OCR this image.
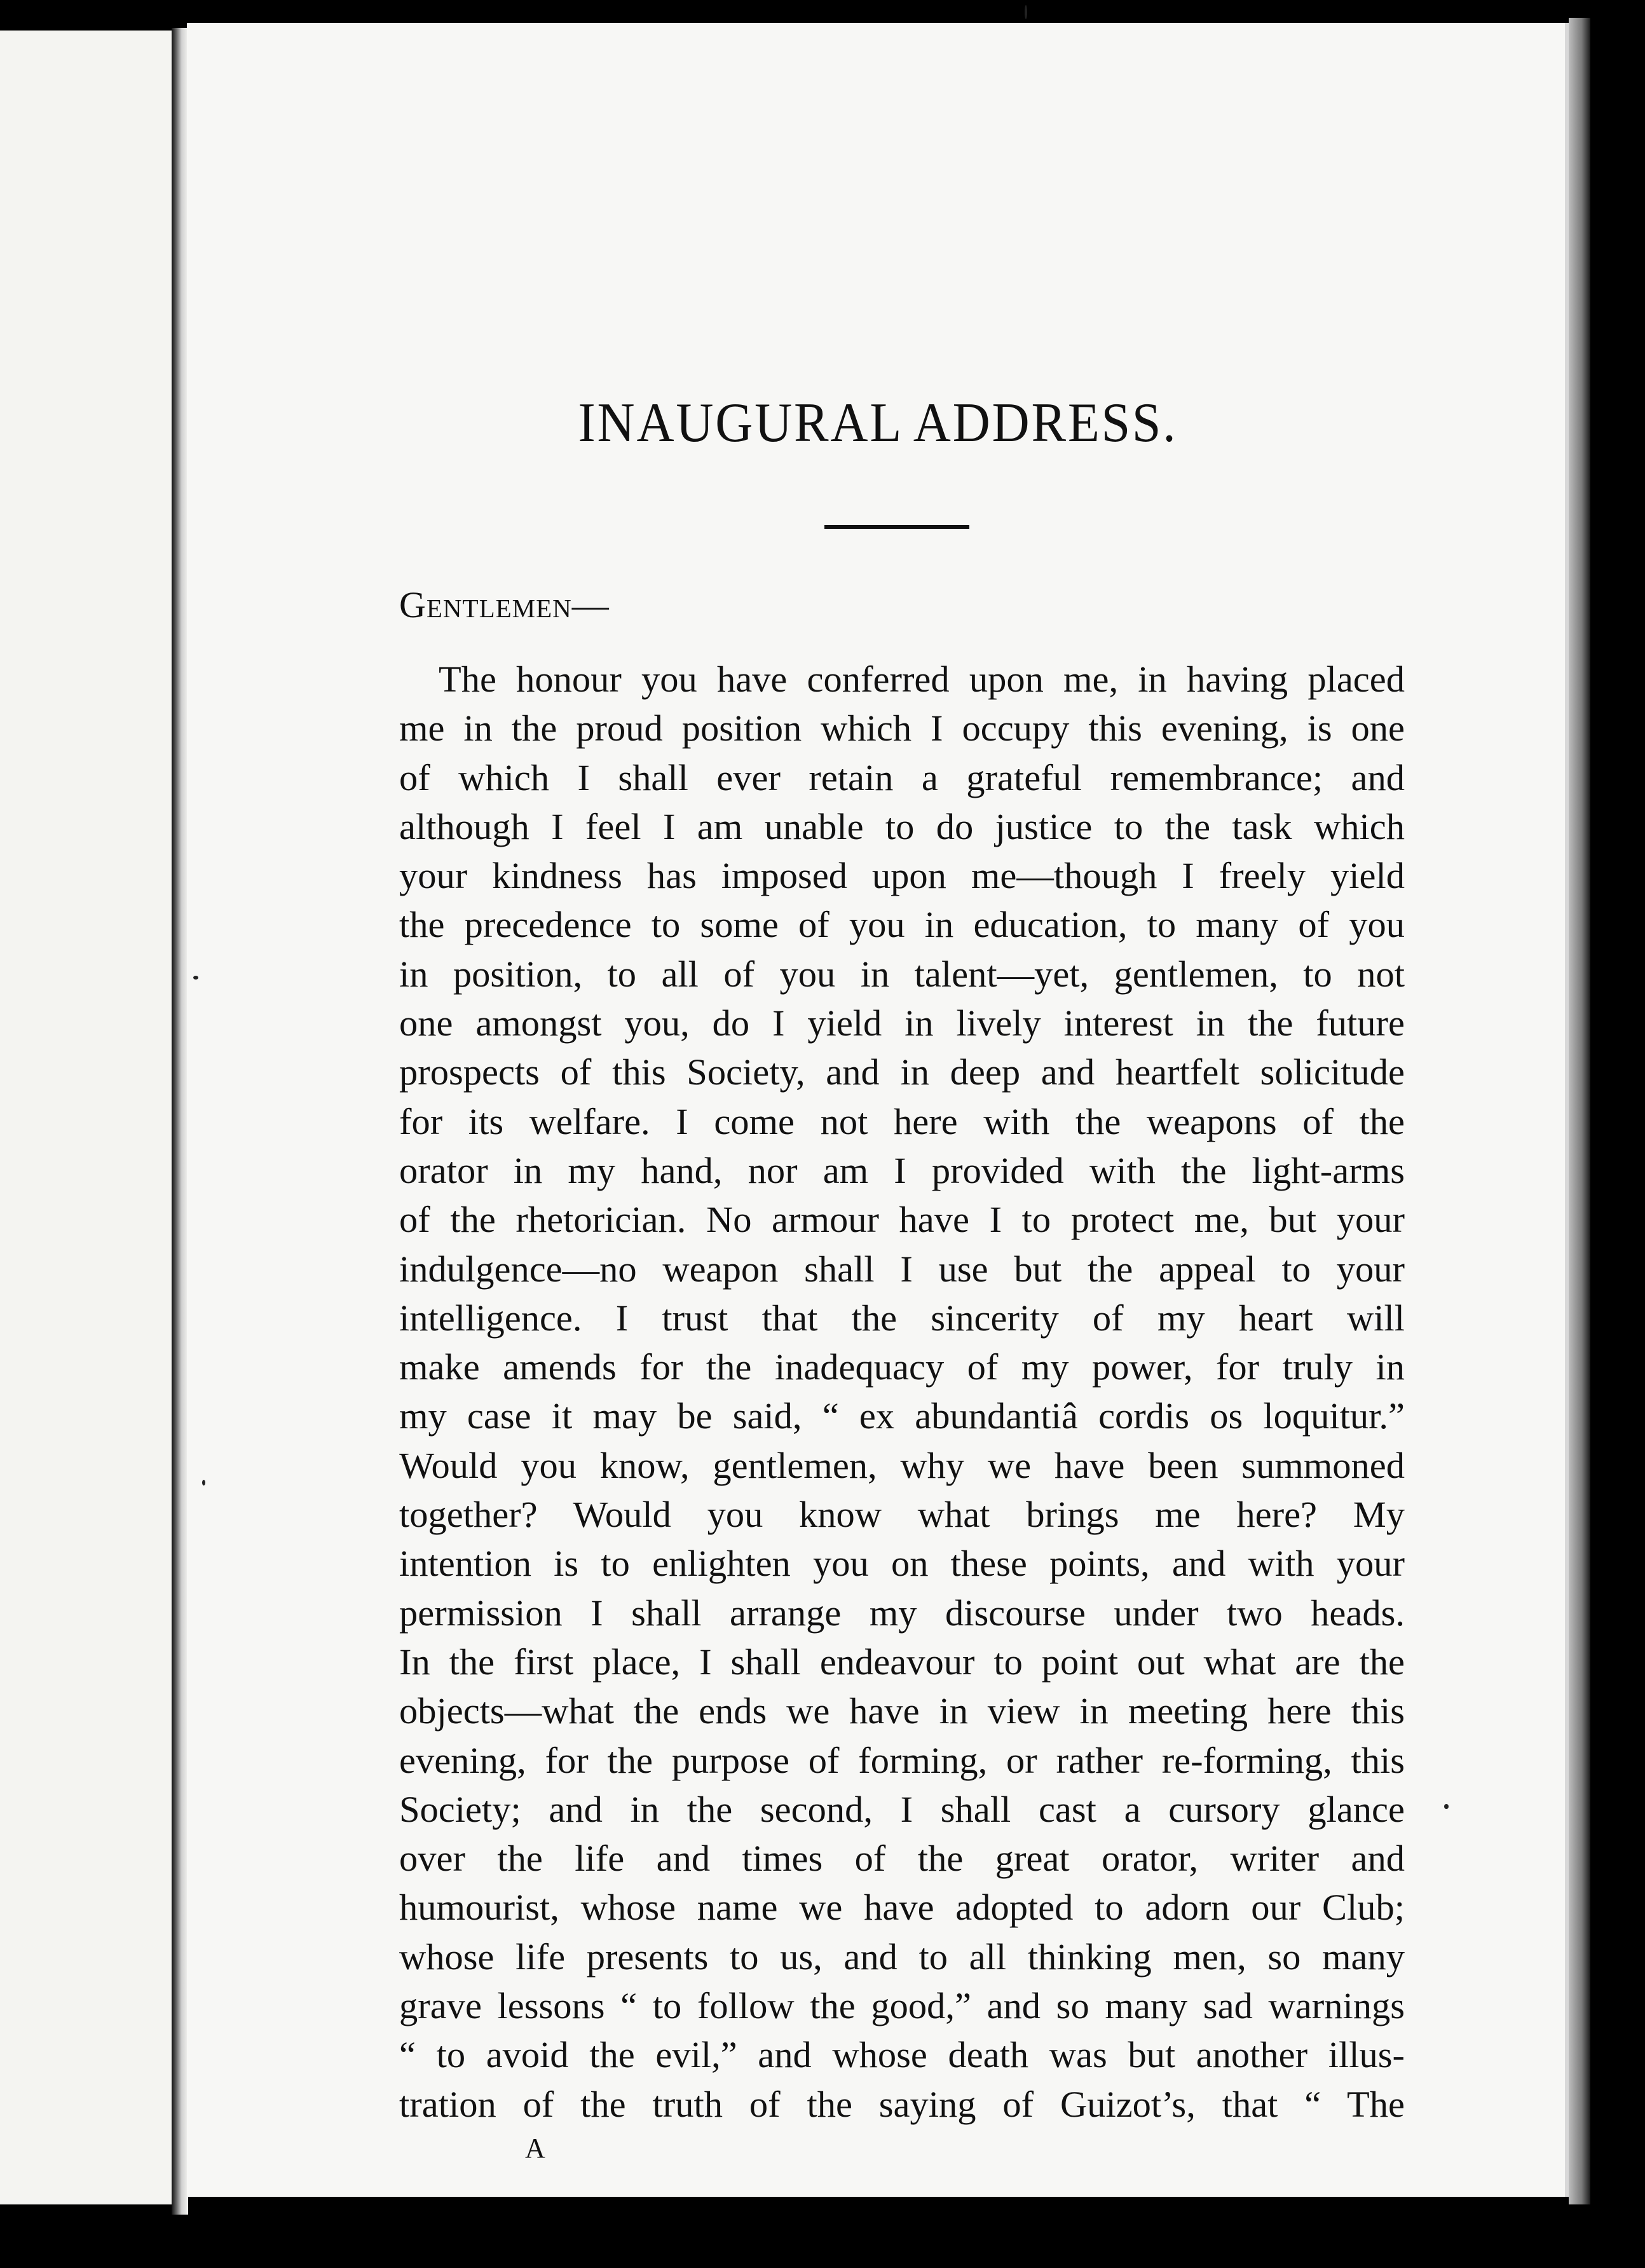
INAUGURAL ADDRESS.
Gentlemen—
The honour you have conferred upon me, in having placed
me in the proud position which I occupy this evening, is one
of which I shall ever retain a grateful remembrance; and
although I feel I am unable to do justice to the task which
your kindness has imposed upon me—though I freely yield
the precedence to some of you in education, to many of you
in position, to all of you in talent—yet, gentlemen, to not
one amongst you, do I yield in lively interest in the future
prospects of this Society, and in deep and heartfelt solicitude
for its welfare. I come not here with the weapons of the
orator in my hand, nor am I provided with the light-arms
of the rhetorician. No armour have I to protect me, but your
indulgence—no weapon shall I use but the appeal to your
intelligence. I trust that the sincerity of my heart will
make amends for the inadequacy of my power, for truly in
my case it may be said, “ ex abundantiâ cordis os loquitur.”
Would you know, gentlemen, why we have been summoned
together? Would you know what brings me here? My
intention is to enlighten you on these points, and with your
permission I shall arrange my discourse under two heads.
In the first place, I shall endeavour to point out what are the
objects—what the ends we have in view in meeting here this
evening, for the purpose of forming, or rather re-forming, this
Society; and in the second, I shall cast a cursory glance
over the life and times of the great orator, writer and
humourist, whose name we have adopted to adorn our Club;
whose life presents to us, and to all thinking men, so many
grave lessons “ to follow the good,” and so many sad warnings
“ to avoid the evil,” and whose death was but another illus-
tration of the truth of the saying of Guizot’s, that “ The
A
